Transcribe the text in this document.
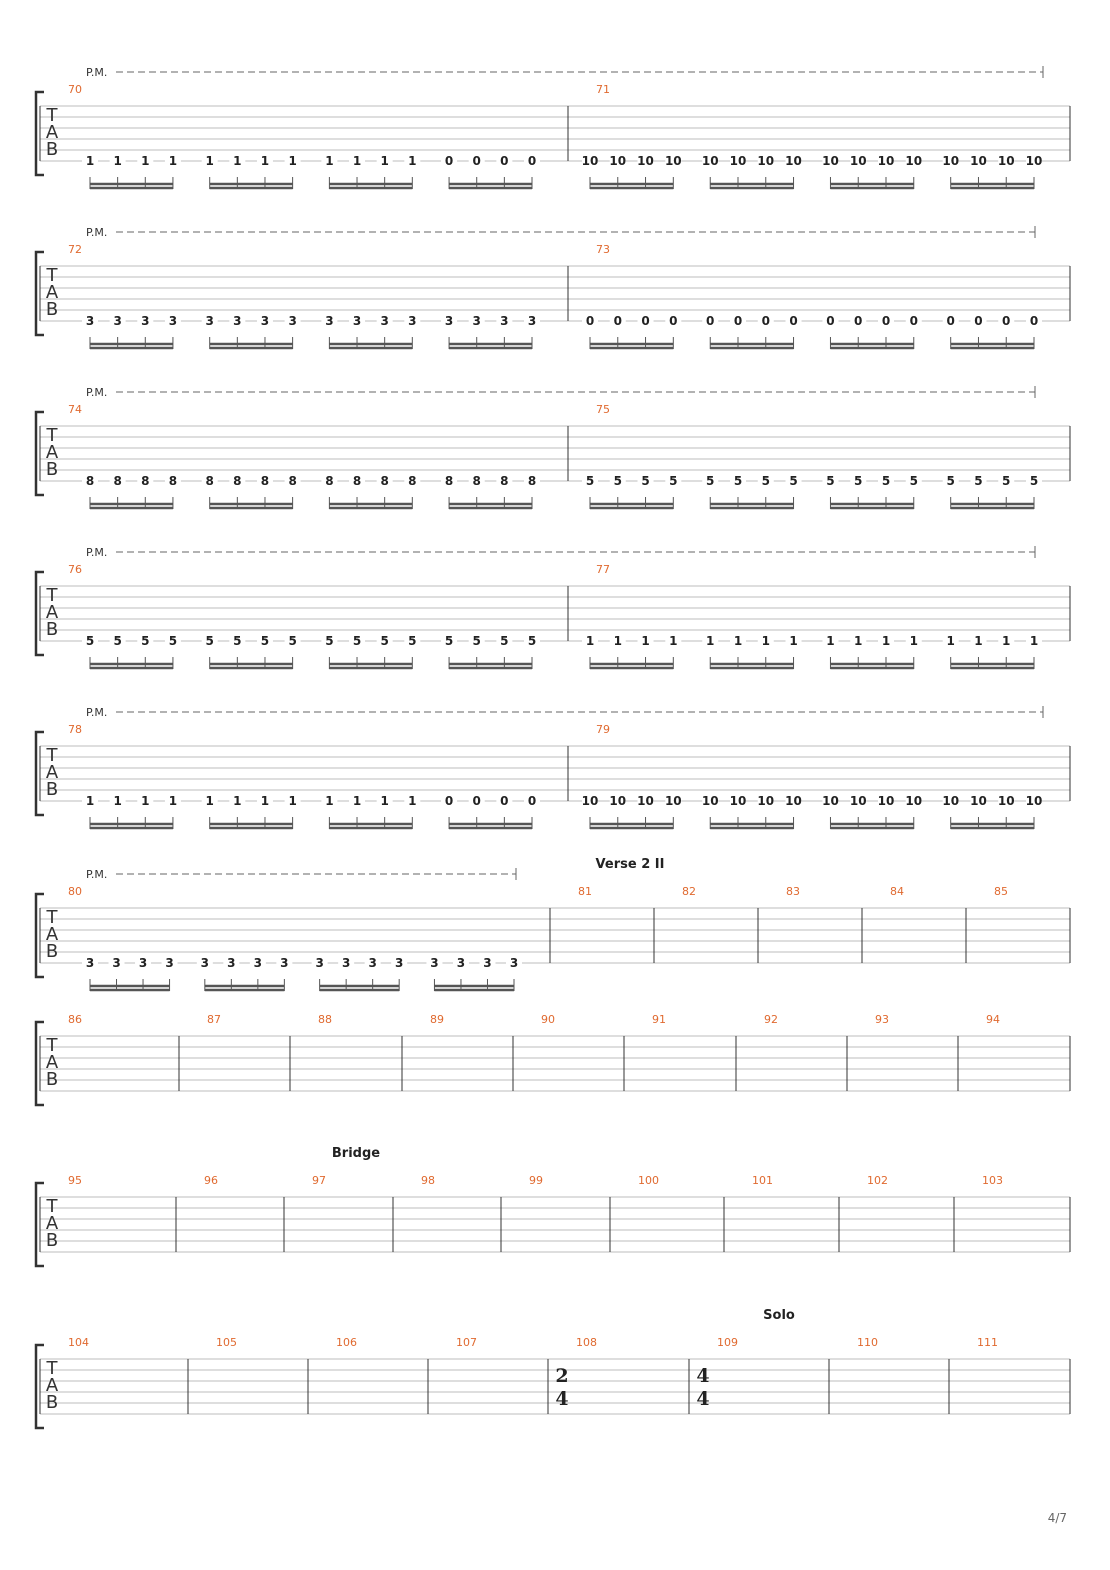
T
A
B
P.M.
70
1 1 1 1 1 1 1 1 1 1 1 1 0 0 0 0
71
10 10 10 10 10 10 10 10 10 10 10 10 10 10 10 10
T
A
B
P.M.
72
3 3 3 3 3 3 3 3 3 3 3 3 3 3 3 3
73
0 0 0 0 0 0 0 0 0 0 0 0 0 0 0 0
T
A
B
P.M.
74
8 8 8 8 8 8 8 8 8 8 8 8 8 8 8 8
75
5 5 5 5 5 5 5 5 5 5 5 5 5 5 5 5
T
A
B
P.M.
76
5 5 5 5 5 5 5 5 5 5 5 5 5 5 5 5
77
1 1 1 1 1 1 1 1 1 1 1 1 1 1 1 1
T
A
B
P.M.
78
1 1 1 1 1 1 1 1 1 1 1 1 0 0 0 0
79
10 10 10 10 10 10 10 10 10 10 10 10 10 10 10 10
T
A
B
P.M.
Verse 2 II
80
3 3 3 3 3 3 3 3 3 3 3 3 3 3 3 3
81	82	83	84	85
T
A
B
86	87	88	89	90	91	92	93	94
T
A
B
Bridge
95	96	97	98	99	100	101	102	103
T
A
B
Solo
104	105	106	107	108
2
4
109
4
4
110	111
4/7
